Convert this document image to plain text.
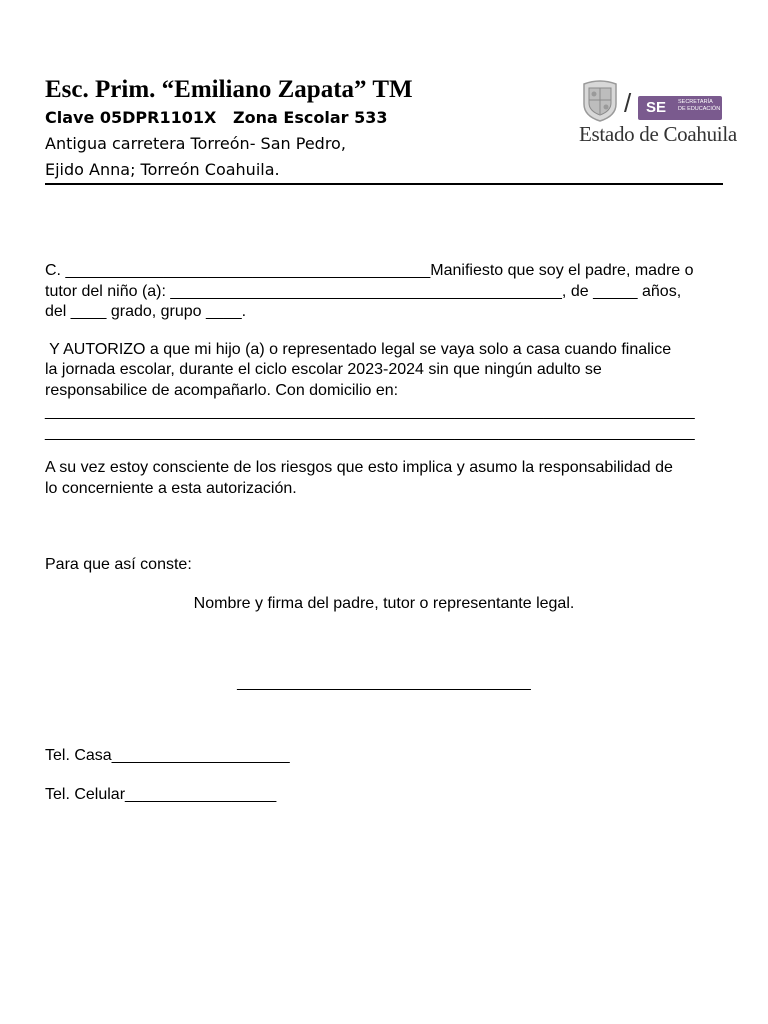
Esc. Prim. “Emiliano Zapata” TM
Clave 05DPR1101X   Zona Escolar 533
Antigua carretera Torreón- San Pedro,
Ejido Anna; Torreón Coahuila.
/ SE SECRETARÍA
DE EDUCACIÓN
Estado de Coahuila
C. _________________________________________Manifiesto que soy el padre, madre o
tutor del niño (a): ____________________________________________, de _____ años,
del ____ grado, grupo ____.
Y AUTORIZO a que mi hijo (a) o representado legal se vaya solo a casa cuando finalice
la jornada escolar, durante el ciclo escolar 2023-2024 sin que ningún adulto se
responsabilice de acompañarlo. Con domicilio en:
_________________________________________________________________________
_________________________________________________________________________
A su vez estoy consciente de los riesgos que esto implica y asumo la responsabilidad de
lo concerniente a esta autorización.
Para que así conste:
Nombre y firma del padre, tutor o representante legal.
_________________________________
Tel. Casa____________________
Tel. Celular_________________
